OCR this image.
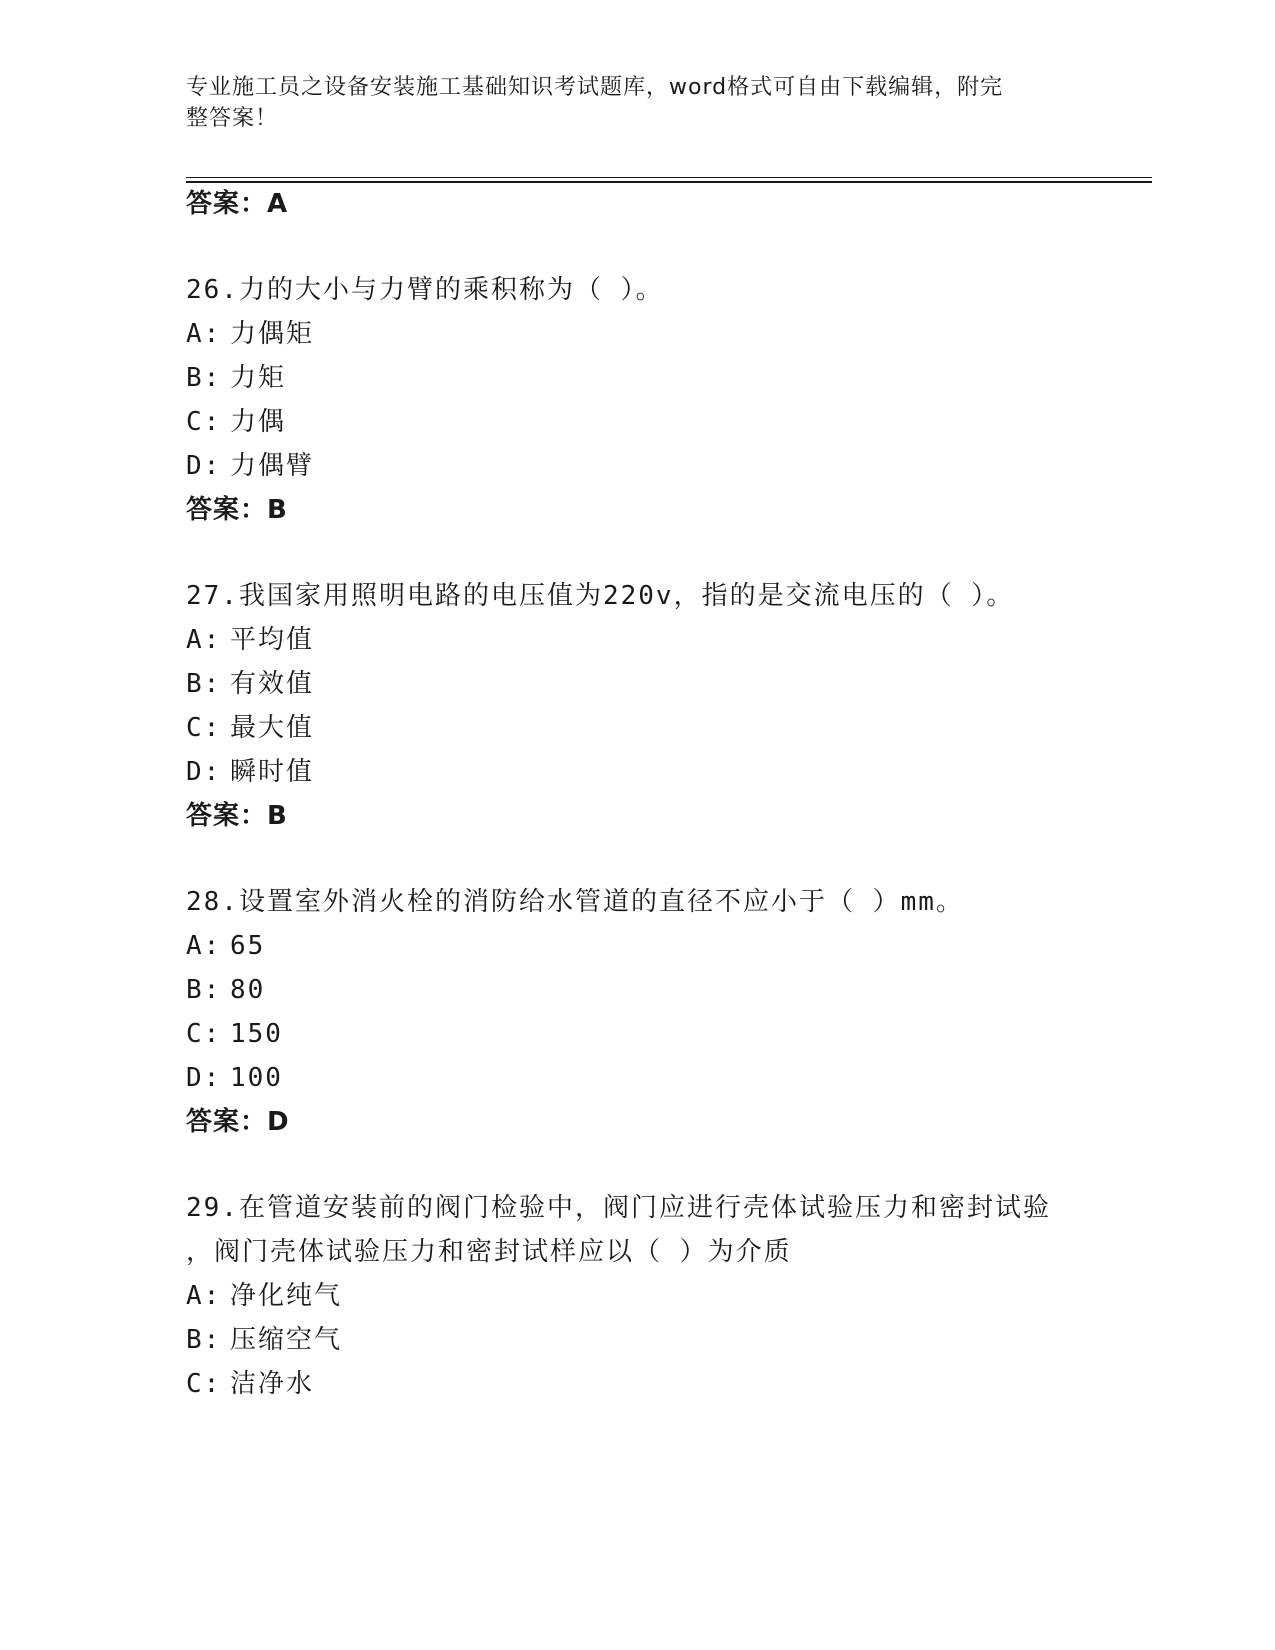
专业施工员之设备安装施工基础知识考试题库，word格式可自由下载编辑，附完
整答案！
答案：A
26.力的大小与力臂的乘积称为（ ）。
A: 力偶矩
B: 力矩
C: 力偶
D: 力偶臂
答案：B
27.我国家用照明电路的电压值为220v，指的是交流电压的（ ）。
A: 平均值
B: 有效值
C: 最大值
D: 瞬时值
答案：B
28.设置室外消火栓的消防给水管道的直径不应小于（ ）mm。
A: 65
B: 80
C: 150
D: 100
答案：D
29.在管道安装前的阀门检验中，阀门应进行壳体试验压力和密封试验
，阀门壳体试验压力和密封试样应以（ ）为介质
A: 净化纯气
B: 压缩空气
C: 洁净水
